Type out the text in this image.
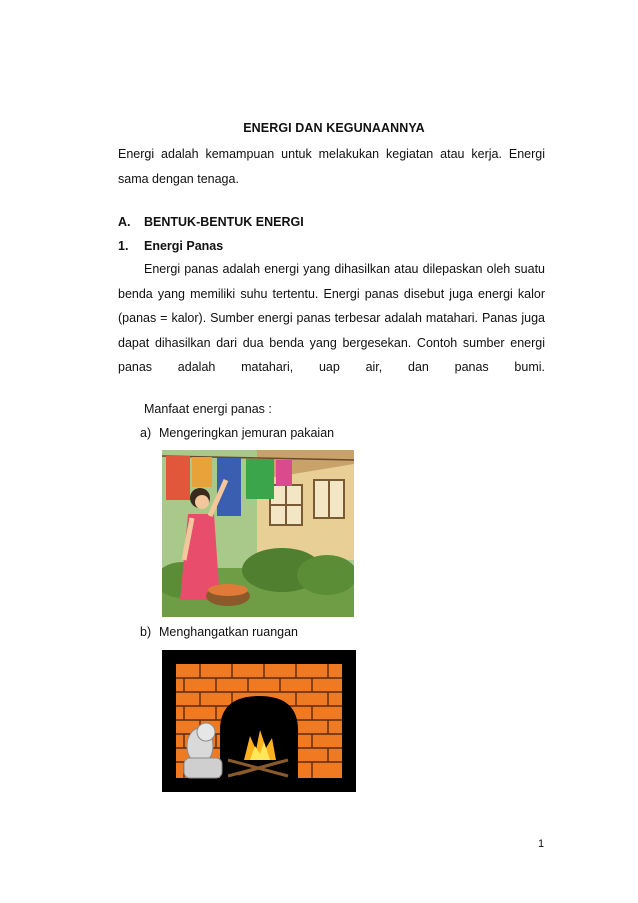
ENERGI DAN KEGUNAANNYA
Energi adalah kemampuan untuk melakukan kegiatan atau kerja. Energi sama dengan tenaga.
A. BENTUK-BENTUK ENERGI
1. Energi Panas
Energi panas adalah energi yang dihasilkan atau dilepaskan oleh suatu benda yang memiliki suhu tertentu. Energi panas disebut juga energi kalor (panas = kalor). Sumber energi panas terbesar adalah matahari. Panas juga dapat dihasilkan dari dua benda yang bergesekan. Contoh sumber energi panas adalah matahari, uap air, dan panas bumi.
Manfaat energi panas :
a) Mengeringkan jemuran pakaian
b) Menghangatkan ruangan
1
